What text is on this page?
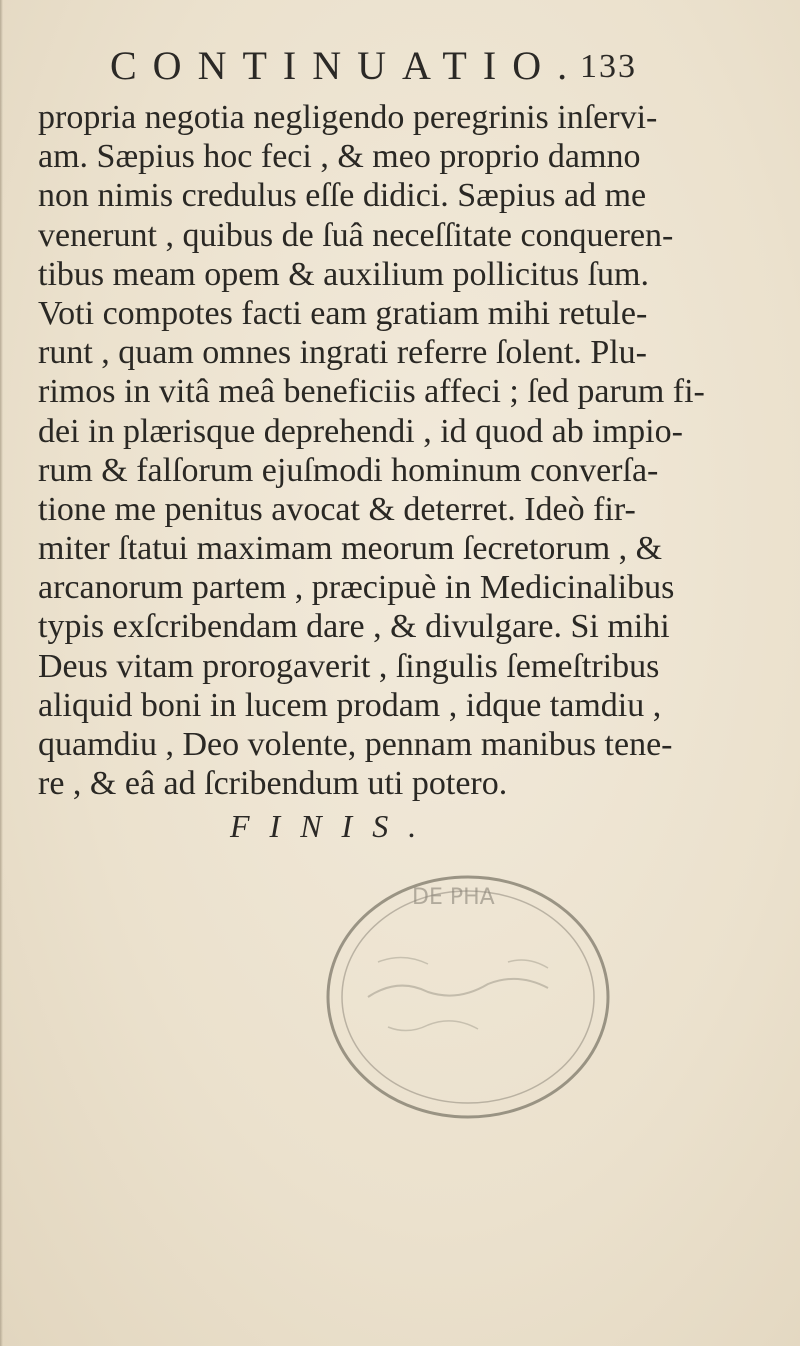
CONTINUATIO.
133
propria negotia negligendo peregrinis inſervi-
am. Sæpius hoc feci , & meo proprio damno
non nimis credulus eſſe didici. Sæpius ad me
venerunt , quibus de ſuâ neceſſitate conqueren-
tibus meam opem & auxilium pollicitus ſum.
Voti compotes facti eam gratiam mihi retule-
runt , quam omnes ingrati referre ſolent. Plu-
rimos in vitâ meâ beneficiis affeci ; ſed parum fi-
dei in plærisque deprehendi , id quod ab impio-
rum & falſorum ejuſmodi hominum converſa-
tione me penitus avocat & deterret. Ideò fir-
miter ſtatui maximam meorum ſecretorum , &
arcanorum partem , præcipuè in Medicinalibus
typis exſcribendam dare , & divulgare. Si mihi
Deus vitam prorogaverit , ſingulis ſemeſtribus
aliquid boni in lucem prodam , idque tamdiu ,
quamdiu , Deo volente, pennam manibus tene-
re , & eâ ad ſcribendum uti potero.
FINIS.
DE PHA
